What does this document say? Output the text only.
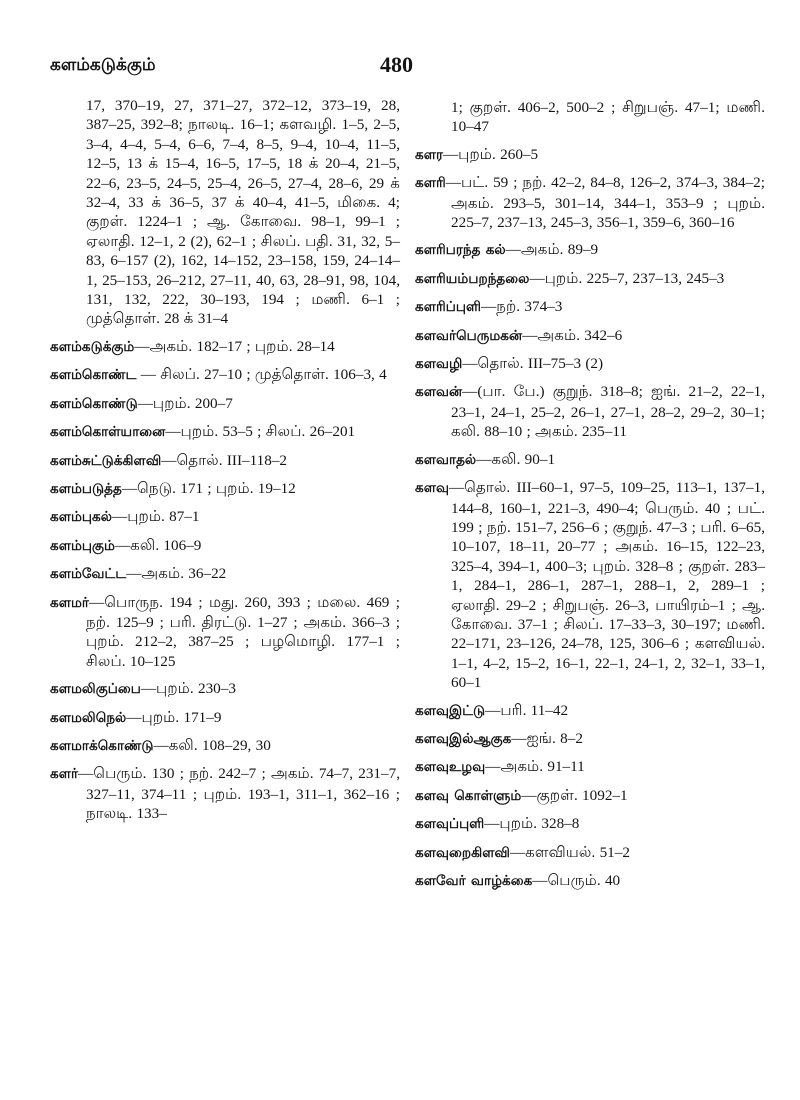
களம்கடுக்கும்	480
17, 370–19, 27, 371–27, 372–12, 373–19, 28, 387–25, 392–8; நாலடி. 16–1; களவழி. 1–5, 2–5, 3–4, 4–4, 5–4, 6–6, 7–4, 8–5, 9–4, 10–4, 11–5, 12–5, 13 க் 15–4, 16–5, 17–5, 18 க் 20–4, 21–5, 22–6, 23–5, 24–5, 25–4, 26–5, 27–4, 28–6, 29 க் 32–4, 33 க் 36–5, 37 க் 40–4, 41–5, மிகை. 4; குறள். 1224–1 ; ஆ. கோவை. 98–1, 99–1 ; ஏலாதி. 12–1, 2 (2), 62–1 ; சிலப். பதி. 31, 32, 5–83, 6–157 (2), 162, 14–152, 23–158, 159, 24–14–1, 25–153, 26–212, 27–11, 40, 63, 28–91, 98, 104, 131, 132, 222, 30–193, 194 ; மணி. 6–1 ; முத்தொள். 28 க் 31–4
களம்கடுக்கும்—அகம். 182–17 ; புறம். 28–14
களம்கொண்ட — சிலப். 27–10 ; முத்தொள். 106–3, 4
களம்கொண்டு—புறம். 200–7
களம்கொள்யானை—புறம். 53–5 ; சிலப். 26–201
களம்சுட்டுக்கிளவி—தொல். III–118–2
களம்படுத்த—நெடு. 171 ; புறம். 19–12
களம்புகல்—புறம். 87–1
களம்புகும்—கலி. 106–9
களம்வேட்ட—அகம். 36–22
களமர்—பொருந. 194 ; மது. 260, 393 ; மலை. 469 ; நற். 125–9 ; பரி. திரட்டு. 1–27 ; அகம். 366–3 ; புறம். 212–2, 387–25 ; பழமொழி. 177–1 ; சிலப். 10–125
களமலிகுப்பை—புறம். 230–3
களமலிநெல்—புறம். 171–9
களமாக்கொண்டு—கலி. 108–29, 30
களர்—பெரும். 130 ; நற். 242–7 ; அகம். 74–7, 231–7, 327–11, 374–11 ; புறம். 193–1, 311–1, 362–16 ; நாலடி. 133–
1; குறள். 406–2, 500–2 ; சிறுபஞ். 47–1; மணி. 10–47
களர—புறம். 260–5
களரி—பட். 59 ; நற். 42–2, 84–8, 126–2, 374–3, 384–2; அகம். 293–5, 301–14, 344–1, 353–9 ; புறம். 225–7, 237–13, 245–3, 356–1, 359–6, 360–16
களரிபரந்த கல்—அகம். 89–9
களரியம்பறந்தலை—புறம். 225–7, 237–13, 245–3
களரிப்புளி—நற். 374–3
களவர்பெருமகன்—அகம். 342–6
களவழி—தொல். III–75–3 (2)
களவன்—(பா. பே.) குறுந். 318–8; ஐங். 21–2, 22–1, 23–1, 24–1, 25–2, 26–1, 27–1, 28–2, 29–2, 30–1; கலி. 88–10 ; அகம். 235–11
களவாதல்—கலி. 90–1
களவு—தொல். III–60–1, 97–5, 109–25, 113–1, 137–1, 144–8, 160–1, 221–3, 490–4; பெரும். 40 ; பட். 199 ; நற். 151–7, 256–6 ; குறுந். 47–3 ; பரி. 6–65, 10–107, 18–11, 20–77 ; அகம். 16–15, 122–23, 325–4, 394–1, 400–3; புறம். 328–8 ; குறள். 283–1, 284–1, 286–1, 287–1, 288–1, 2, 289–1 ; ஏலாதி. 29–2 ; சிறுபஞ். 26–3, பாயிரம்–1 ; ஆ. கோவை. 37–1 ; சிலப். 17–33–3, 30–197; மணி. 22–171, 23–126, 24–78, 125, 306–6 ; களவியல். 1–1, 4–2, 15–2, 16–1, 22–1, 24–1, 2, 32–1, 33–1, 60–1
களவுஇட்டு—பரி. 11–42
களவுஇல்ஆகுக—ஐங். 8–2
களவுஉழவு—அகம். 91–11
களவு கொள்ளும்—குறள். 1092–1
களவுப்புளி—புறம். 328–8
களவுறைகிளவி—களவியல். 51–2
களவேர் வாழ்க்கை—பெரும். 40
